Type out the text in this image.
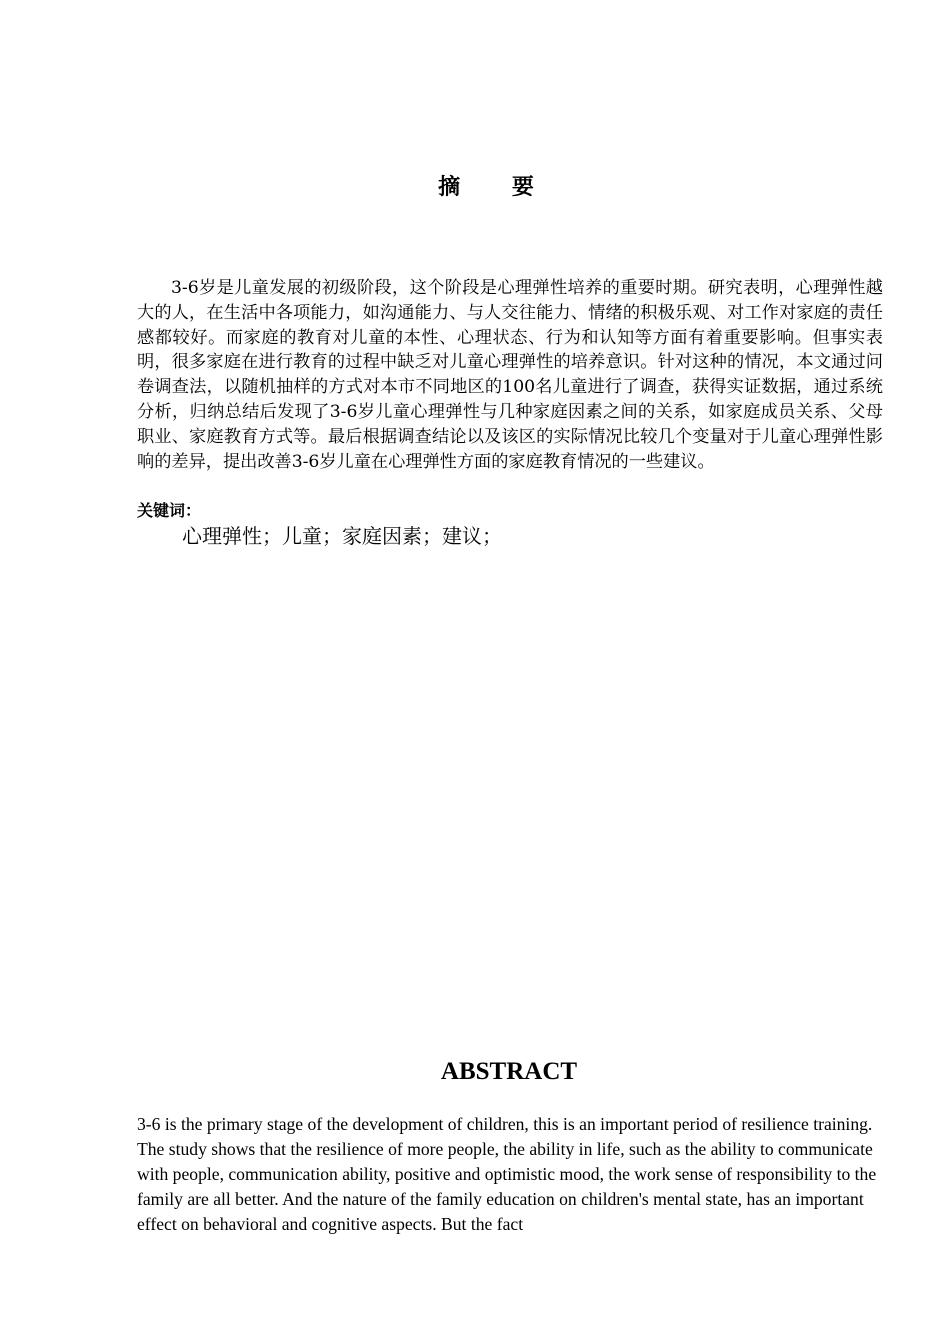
摘 要

3-6岁是儿童发展的初级阶段，这个阶段是心理弹性培养的重要时期。研究表明，心理弹性越大的人，在生活中各项能力，如沟通能力、与人交往能力、情绪的积极乐观、对工作对家庭的责任感都较好。而家庭的教育对儿童的本性、心理状态、行为和认知等方面有着重要影响。但事实表明，很多家庭在进行教育的过程中缺乏对儿童心理弹性的培养意识。针对这种的情况，本文通过问卷调查法，以随机抽样的方式对本市不同地区的100名儿童进行了调查，获得实证数据，通过系统分析，归纳总结后发现了3-6岁儿童心理弹性与几种家庭因素之间的关系，如家庭成员关系、父母职业、家庭教育方式等。最后根据调查结论以及该区的实际情况比较几个变量对于儿童心理弹性影响的差异，提出改善3-6岁儿童在心理弹性方面的家庭教育情况的一些建议。

关键词：
心理弹性；儿童；家庭因素；建议；
ABSTRACT

3-6 is the primary stage of the development of children, this is an important period of resilience training. The study shows that the resilience of more people, the ability in life, such as the ability to communicate with people, communication ability, positive and optimistic mood, the work sense of responsibility to the family are all better. And the nature of the family education on children's mental state, has an important effect on behavioral and cognitive aspects. But the fact
